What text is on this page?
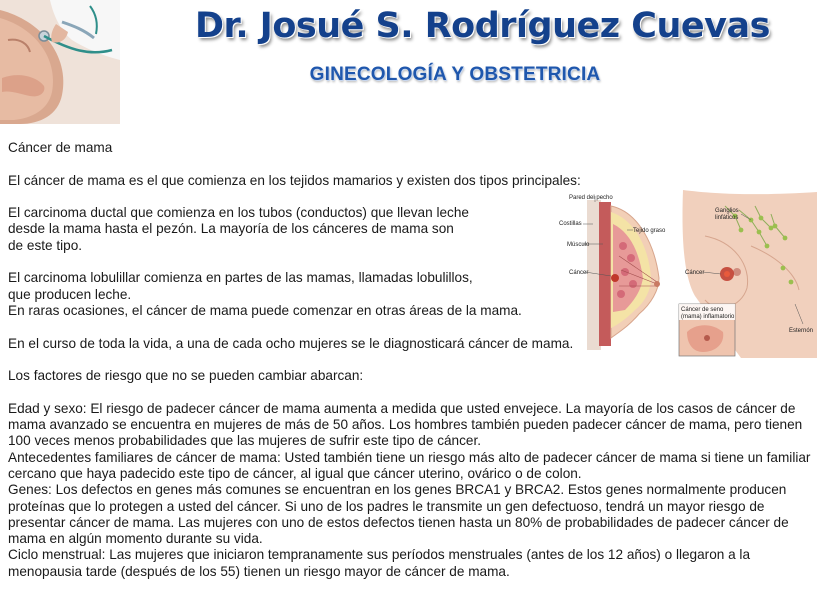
Dr. Josué S. Rodríguez Cuevas
GINECOLOGÍA Y OBSTETRICIA

Cáncer de mama

El cáncer de mama es el que comienza en los tejidos mamarios y existen dos tipos principales:

El carcinoma ductal que comienza en los tubos (conductos) que llevan leche

desde la mama hasta el pezón. La mayoría de los cánceres de mama son

de este tipo.

El carcinoma lobulillar comienza en partes de las mamas, llamadas lobulillos,

que producen leche.

En raras ocasiones, el cáncer de mama puede comenzar en otras áreas de la mama.

En el curso de toda la vida, a una de cada ocho mujeres se le diagnosticará cáncer de mama.

Los factores de riesgo que no se pueden cambiar abarcan:

Edad y sexo: El riesgo de padecer cáncer de mama aumenta a medida que usted envejece. La mayoría de los casos de cáncer de mama avanzado se encuentra en mujeres de más de 50 años. Los hombres también pueden padecer cáncer de mama, pero tienen 100 veces menos probabilidades que las mujeres de sufrir este tipo de cáncer.

Antecedentes familiares de cáncer de mama: Usted también tiene un riesgo más alto de padecer cáncer de mama si tiene un familiar cercano que haya padecido este tipo de cáncer, al igual que cáncer uterino, ovárico o de colon.

Genes: Los defectos en genes más comunes se encuentran en los genes BRCA1 y BRCA2. Estos genes normalmente producen proteínas que lo protegen a usted del cáncer. Si uno de los padres le transmite un gen defectuoso, tendrá un mayor riesgo de presentar cáncer de mama. Las mujeres con uno de estos defectos tienen hasta un 80% de probabilidades de padecer cáncer de mama en algún momento durante su vida.

Ciclo menstrual: Las mujeres que iniciaron tempranamente sus períodos menstruales (antes de los 12 años) o llegaron a la menopausia tarde (después de los 55) tienen un riesgo mayor de cáncer de mama.

Pared del pecho
Costillas
Tejido graso
Músculo
Cáncer
Ganglios
linfáticos
Cáncer
Esternón
Cáncer de seno
(mama) inflamatorio
